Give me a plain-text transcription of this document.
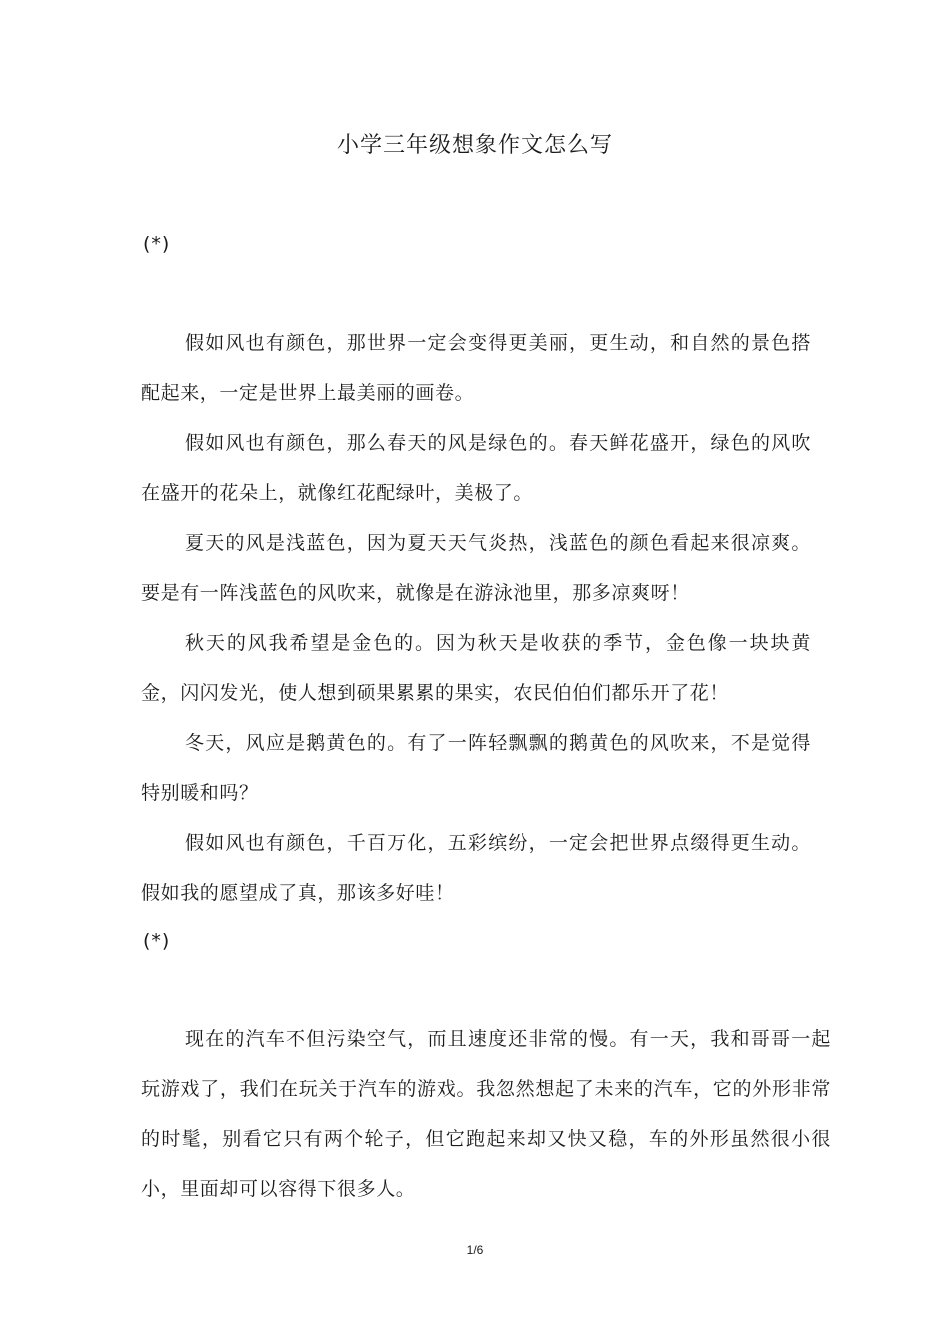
小学三年级想象作文怎么写
(*)

假如风也有颜色，那世界一定会变得更美丽，更生动，和自然的景色搭配起来，一定是世界上最美丽的画卷。

假如风也有颜色，那么春天的风是绿色的。春天鲜花盛开，绿色的风吹在盛开的花朵上，就像红花配绿叶，美极了。

夏天的风是浅蓝色，因为夏天天气炎热，浅蓝色的颜色看起来很凉爽。要是有一阵浅蓝色的风吹来，就像是在游泳池里，那多凉爽呀！

秋天的风我希望是金色的。因为秋天是收获的季节，金色像一块块黄金，闪闪发光，使人想到硕果累累的果实，农民伯伯们都乐开了花！

冬天，风应是鹅黄色的。有了一阵轻飘飘的鹅黄色的风吹来，不是觉得特别暖和吗？

假如风也有颜色，千百万化，五彩缤纷，一定会把世界点缀得更生动。假如我的愿望成了真，那该多好哇！

(*)

现在的汽车不但污染空气，而且速度还非常的慢。有一天，我和哥哥一起玩游戏了，我们在玩关于汽车的游戏。我忽然想起了未来的汽车，它的外形非常的时髦，别看它只有两个轮子，但它跑起来却又快又稳，车的外形虽然很小很小，里面却可以容得下很多人。

1/6
